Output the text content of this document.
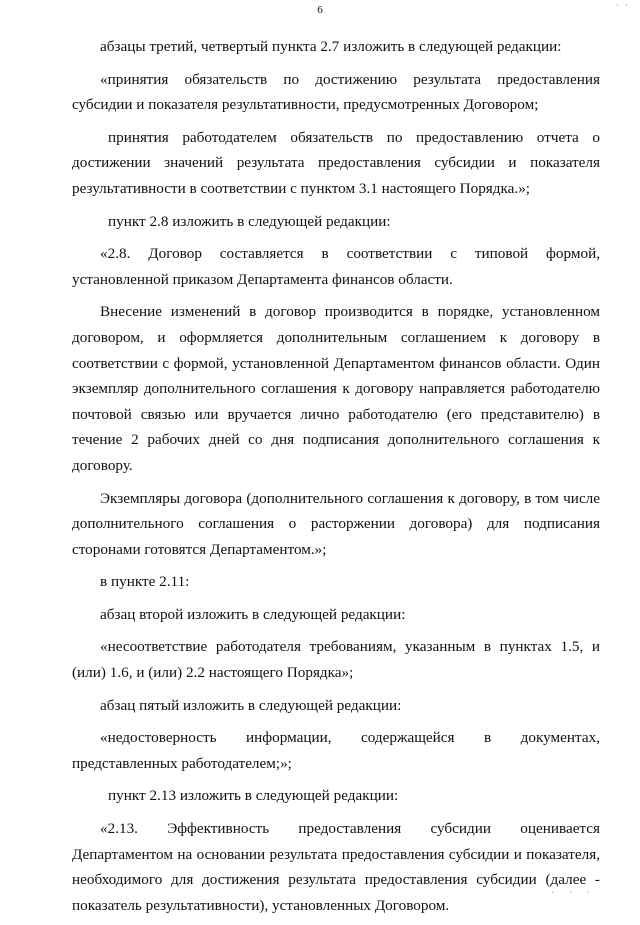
6	· ·

абзацы третий, четвертый пункта 2.7 изложить в следующей редакции:

«принятия обязательств по достижению результата предоставления субсидии и показателя результативности, предусмотренных Договором;

принятия работодателем обязательств по предоставлению отчета о достижении значений результата предоставления субсидии и показателя результативности в соответствии с пунктом 3.1 настоящего Порядка.»;

пункт 2.8 изложить в следующей редакции:

«2.8. Договор составляется в соответствии с типовой формой, установленной приказом Департамента финансов области.

Внесение изменений в договор производится в порядке, установленном договором, и оформляется дополнительным соглашением к договору в соответствии с формой, установленной Департаментом финансов области. Один экземпляр дополнительного соглашения к договору направляется работодателю почтовой связью или вручается лично работодателю (его представителю) в течение 2 рабочих дней со дня подписания дополнительного соглашения к договору.

Экземпляры договора (дополнительного соглашения к договору, в том числе дополнительного соглашения о расторжении договора) для подписания сторонами готовятся Департаментом.»;

в пункте 2.11:

абзац второй изложить в следующей редакции:

«несоответствие работодателя требованиям, указанным в пунктах 1.5, и (или) 1.6, и (или) 2.2 настоящего Порядка»;

абзац пятый изложить в следующей редакции:

«недостоверность информации, содержащейся в документах, представленных работодателем;»;

пункт 2.13 изложить в следующей редакции:

«2.13. Эффективность предоставления субсидии оценивается Департаментом на основании результата предоставления субсидии и показателя, необходимого для достижения результата предоставления субсидии (далее - показатель результативности), установленных Договором.

· · ·
